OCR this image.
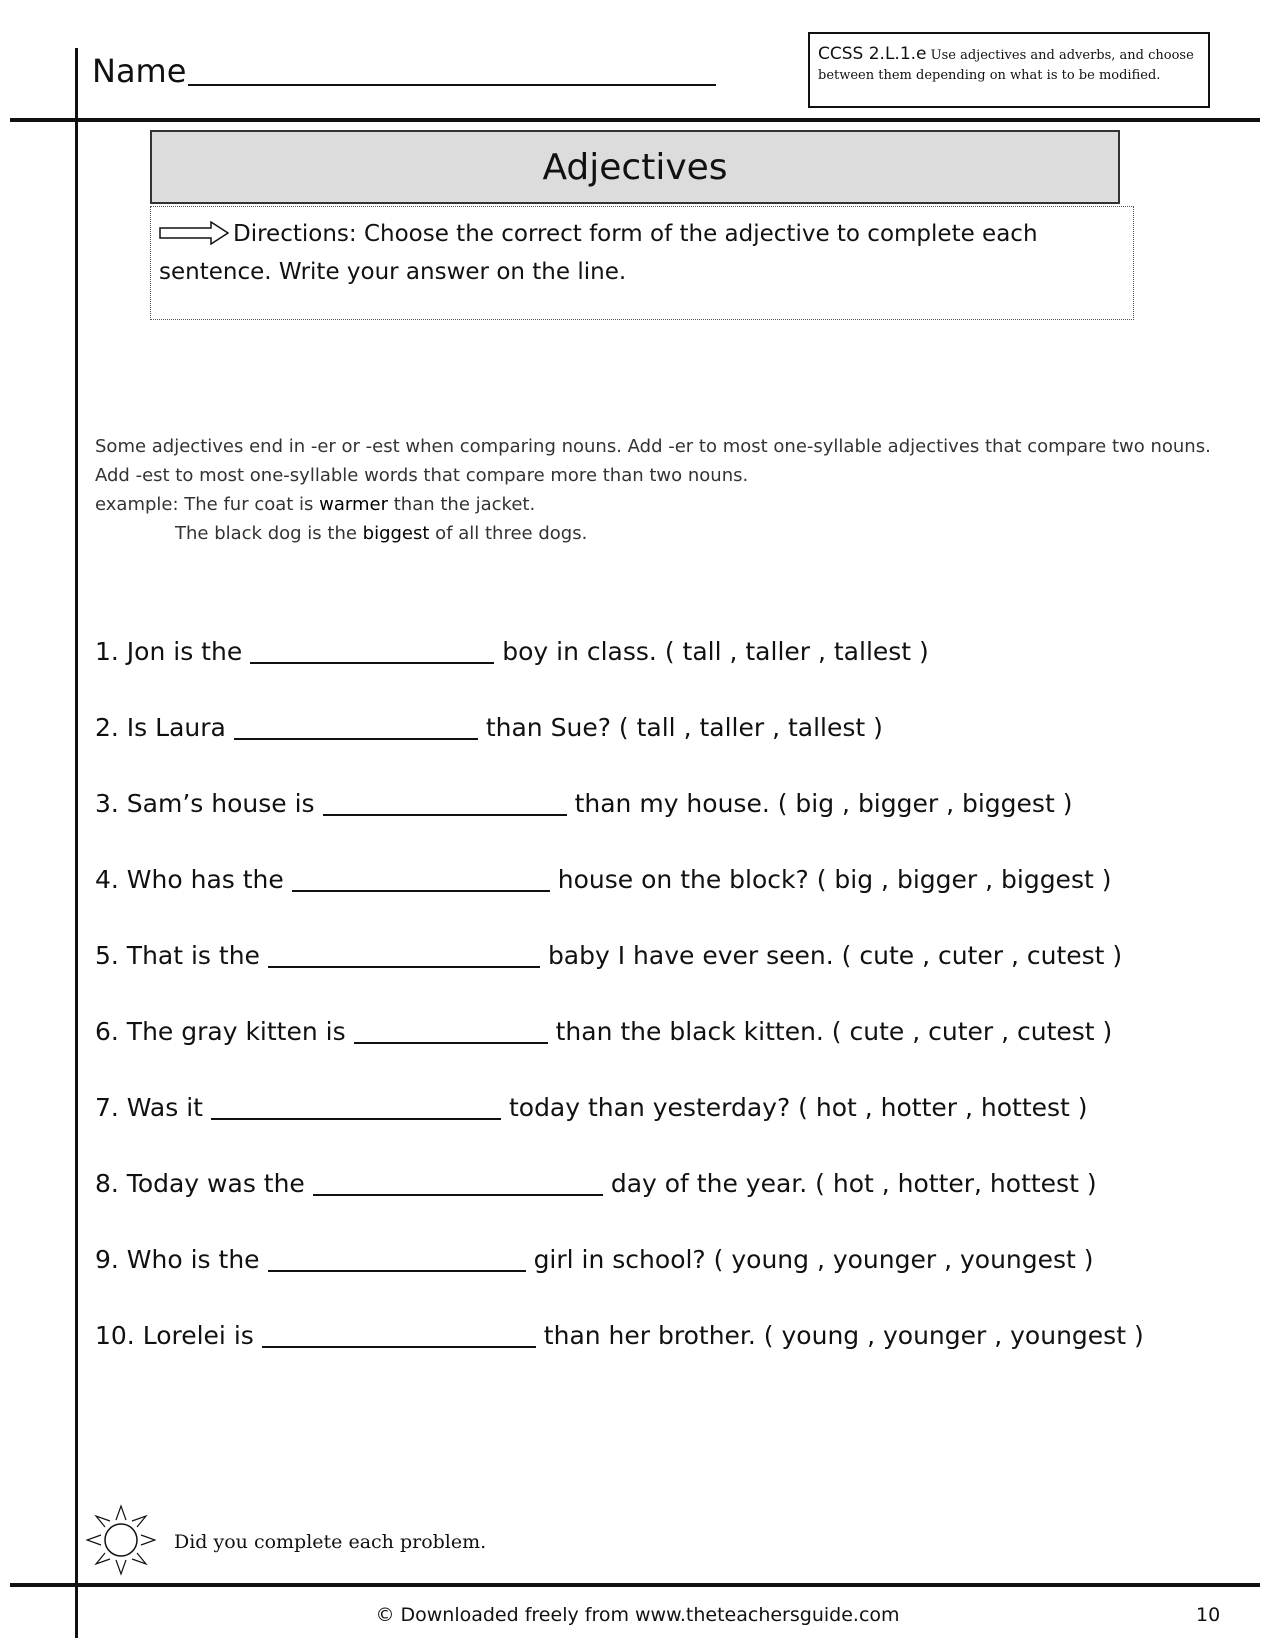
Name	CCSS 2.L.1.e Use adjectives and adverbs, and choose between them depending on what is to be modified.
Adjectives
Directions: Choose the correct form of the adjective to complete each sentence. Write your answer on the line.
Some adjectives end in -er or -est when comparing nouns. Add -er to most one-syllable adjectives that compare two nouns.
Add -est to most one-syllable words that compare more than two nouns.
example: The fur coat is warmer than the jacket.
The black dog is the biggest of all three dogs.
1. Jon is the	boy in class. ( tall , taller , tallest )
2. Is Laura	than Sue? ( tall , taller , tallest )
3. Sam’s house is	than my house. ( big , bigger , biggest )
4. Who has the	house on the block? ( big , bigger , biggest )
5. That is the	baby I have ever seen. ( cute , cuter , cutest )
6. The gray kitten is	than the black kitten. ( cute , cuter , cutest )
7. Was it	today than yesterday? ( hot , hotter , hottest )
8. Today was the	day of the year. ( hot , hotter, hottest )
9. Who is the	girl in school? ( young , younger , youngest )
10. Lorelei is	than her brother. ( young , younger , youngest )
Did you complete each problem.
© Downloaded freely from www.theteachersguide.com	10
